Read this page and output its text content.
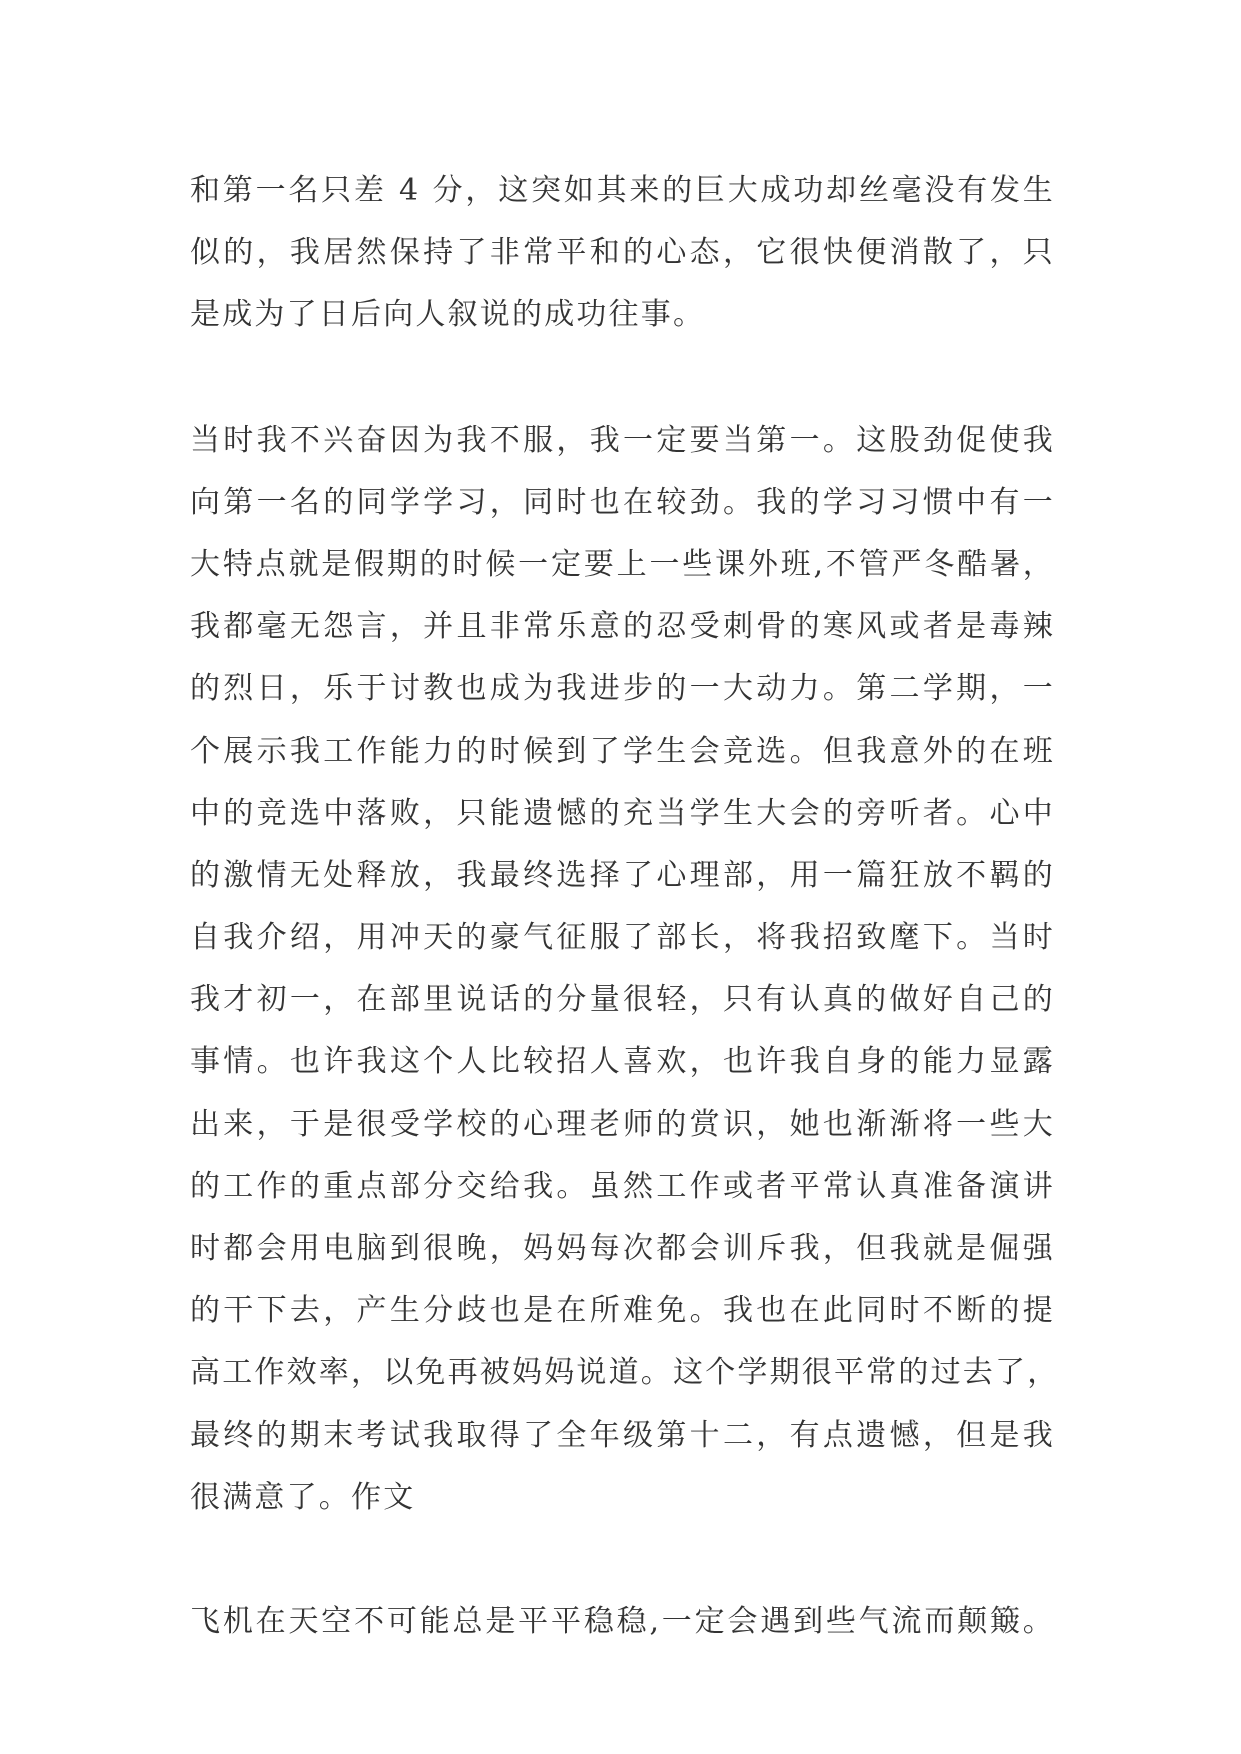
和第一名只差 4 分，这突如其来的巨大成功却丝毫没有发生
似的，我居然保持了非常平和的心态，它很快便消散了，只
是成为了日后向人叙说的成功往事。
当时我不兴奋因为我不服，我一定要当第一。这股劲促使我
向第一名的同学学习，同时也在较劲。我的学习习惯中有一
大特点就是假期的时候一定要上一些课外班,不管严冬酷暑，
我都毫无怨言，并且非常乐意的忍受刺骨的寒风或者是毒辣
的烈日，乐于讨教也成为我进步的一大动力。第二学期，一
个展示我工作能力的时候到了学生会竞选。但我意外的在班
中的竞选中落败，只能遗憾的充当学生大会的旁听者。心中
的激情无处释放，我最终选择了心理部，用一篇狂放不羁的
自我介绍，用冲天的豪气征服了部长，将我招致麾下。当时
我才初一，在部里说话的分量很轻，只有认真的做好自己的
事情。也许我这个人比较招人喜欢，也许我自身的能力显露
出来，于是很受学校的心理老师的赏识，她也渐渐将一些大
的工作的重点部分交给我。虽然工作或者平常认真准备演讲
时都会用电脑到很晚，妈妈每次都会训斥我，但我就是倔强
的干下去，产生分歧也是在所难免。我也在此同时不断的提
高工作效率，以免再被妈妈说道。这个学期很平常的过去了，
最终的期末考试我取得了全年级第十二，有点遗憾，但是我
很满意了。作文
飞机在天空不可能总是平平稳稳,一定会遇到些气流而颠簸。
